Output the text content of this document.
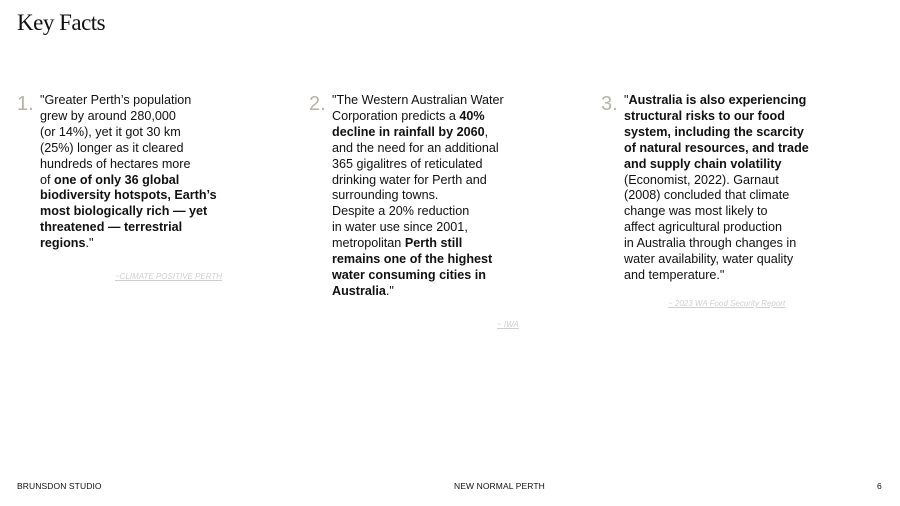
Key Facts
1. "Greater Perth’s population
grew by around 280,000
(or 14%), yet it got 30 km
(25%) longer as it cleared
hundreds of hectares more
of one of only 36 global
biodiversity hotspots, Earth’s
most biologically rich — yet
threatened — terrestrial
regions."
~CLIMATE POSITIVE PERTH
2. "The Western Australian Water
Corporation predicts a 40%
decline in rainfall by 2060,
and the need for an additional
365 gigalitres of reticulated
drinking water for Perth and
surrounding towns.
Despite a 20% reduction
in water use since 2001,
metropolitan Perth still
remains one of the highest
water consuming cities in
Australia."
~ IWA
3. "Australia is also experiencing
structural risks to our food
system, including the scarcity
of natural resources, and trade
and supply chain volatility
(Economist, 2022). Garnaut
(2008) concluded that climate
change was most likely to
affect agricultural production
in Australia through changes in
water availability, water quality
and temperature."
~ 2023 WA Food Security Report
BRUNSDON STUDIO	NEW NORMAL PERTH	6
